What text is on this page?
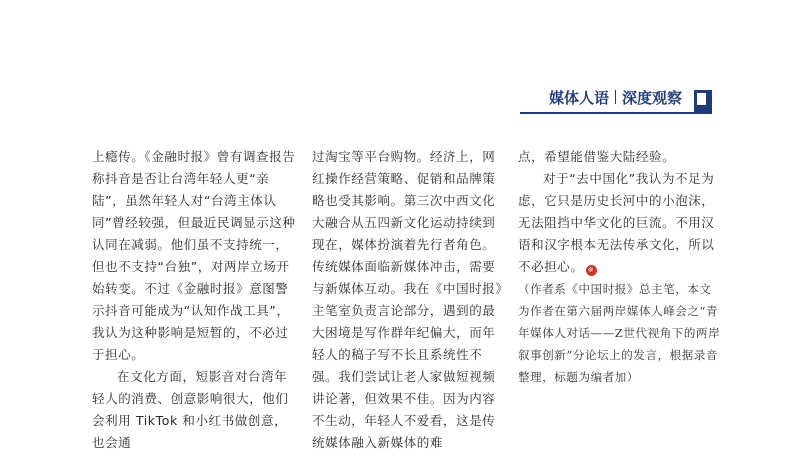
媒体人语 深度观察

上瘾传。《金融时报》曾有调查报告称抖音是否让台湾年轻人更“亲陆”，虽然年轻人对“台湾主体认同”曾经较强，但最近民调显示这种认同在减弱。他们虽不支持统一，但也不支持“台独”，对两岸立场开始转变。不过《金融时报》意图警示抖音可能成为“认知作战工具”，我认为这种影响是短暂的，不必过于担心。

在文化方面，短影音对台湾年轻人的消费、创意影响很大，他们会利用 TikTok 和小红书做创意，也会通

过淘宝等平台购物。经济上，网红操作经营策略、促销和品牌策略也受其影响。第三次中西文化大融合从五四新文化运动持续到现在，媒体扮演着先行者角色。传统媒体面临新媒体冲击，需要与新媒体互动。我在《中国时报》主笔室负责言论部分，遇到的最大困境是写作群年纪偏大，而年轻人的稿子写不长且系统性不强。我们尝试让老人家做短视频讲论著，但效果不佳。因为内容不生动，年轻人不爱看，这是传统媒体融入新媒体的难

点，希望能借鉴大陆经验。

对于“去中国化”我认为不足为虑，它只是历史长河中的小泡沫，无法阻挡中华文化的巨流。不用汉语和汉字根本无法传承文化，所以不必担心。 ※

（作者系《中国时报》总主笔，本文为作者在第六届两岸媒体人峰会之“青年媒体人对话——Z世代视角下的两岸叙事创新”分论坛上的发言，根据录音整理，标题为编者加）
